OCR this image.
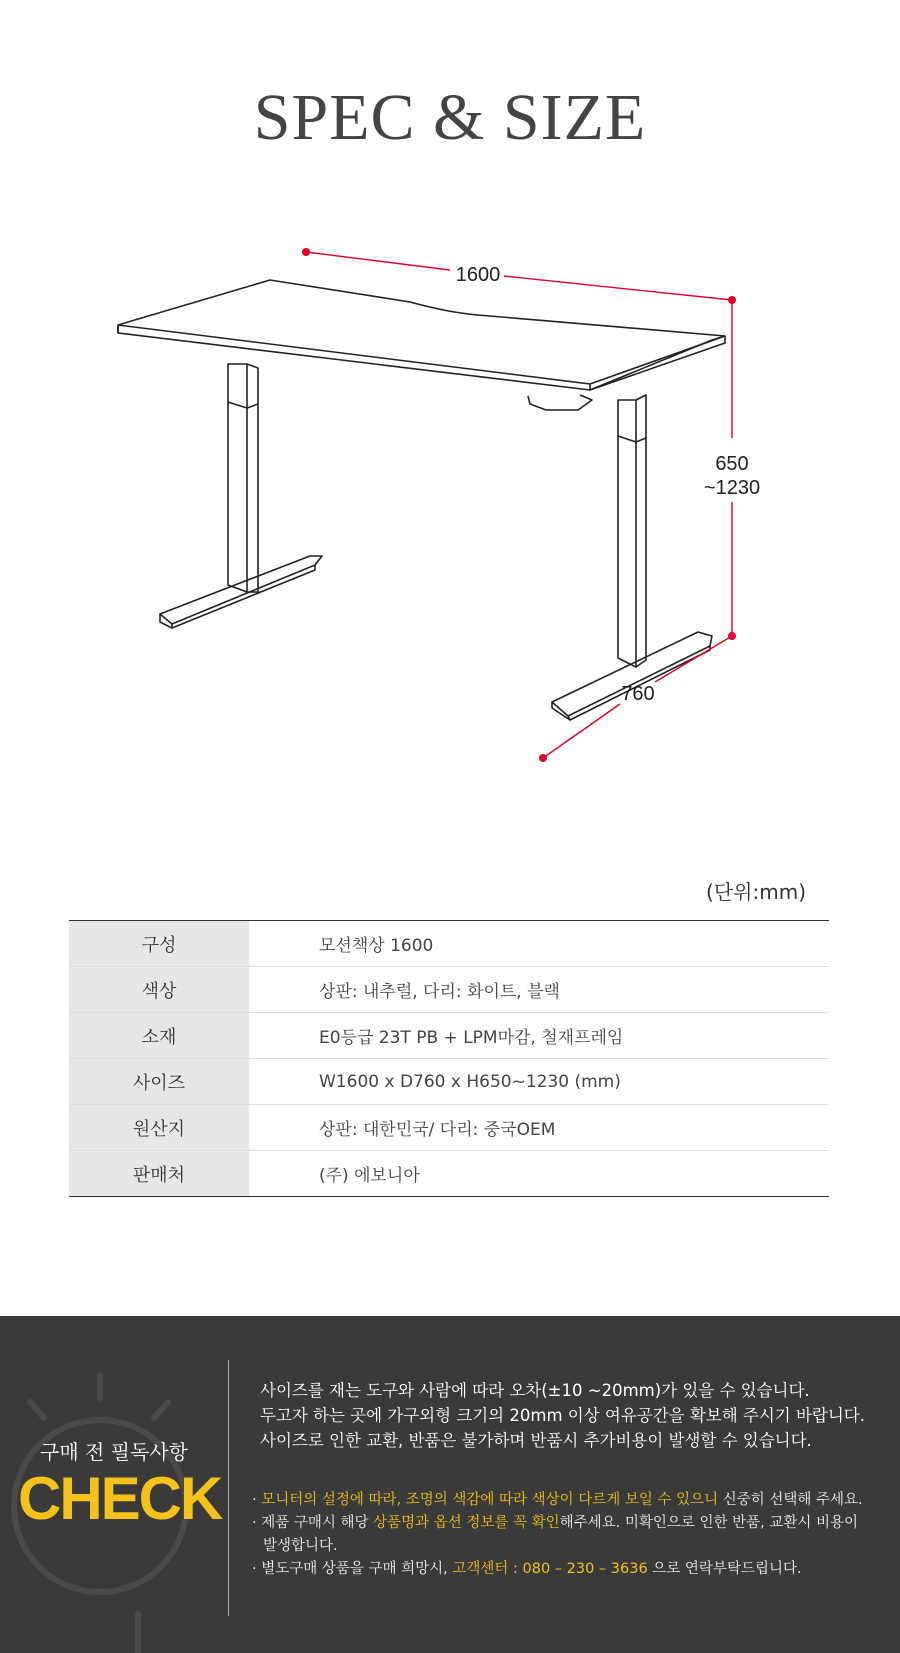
SPEC & SIZE
1600
650
~1230
760
(단위:mm)
구성	모션책상 1600
색상	상판: 내추럴, 다리: 화이트, 블랙
소재	E0등급 23T PB + LPM마감, 철재프레임
사이즈	W1600 x D760 x H650~1230 (mm)
원산지	상판: 대한민국/ 다리: 중국OEM
판매처	(주) 에보니아
구매 전 필독사항
CHECK
사이즈를 재는 도구와 사람에 따라 오차(±10 ~20mm)가 있을 수 있습니다.
두고자 하는 곳에 가구외형 크기의 20mm 이상 여유공간을 확보해 주시기 바랍니다.
사이즈로 인한 교환, 반품은 불가하며 반품시 추가비용이 발생할 수 있습니다.
· 모니터의 설정에 따라, 조명의 색감에 따라 색상이 다르게 보일 수 있으니 신중히 선택해 주세요.
· 제품 구매시 해당 상품명과 옵션 정보를 꼭 확인해주세요. 미확인으로 인한 반품, 교환시 비용이
발생합니다.
· 별도구매 상품을 구매 희망시, 고객센터 : 080 – 230 – 3636 으로 연락부탁드립니다.
